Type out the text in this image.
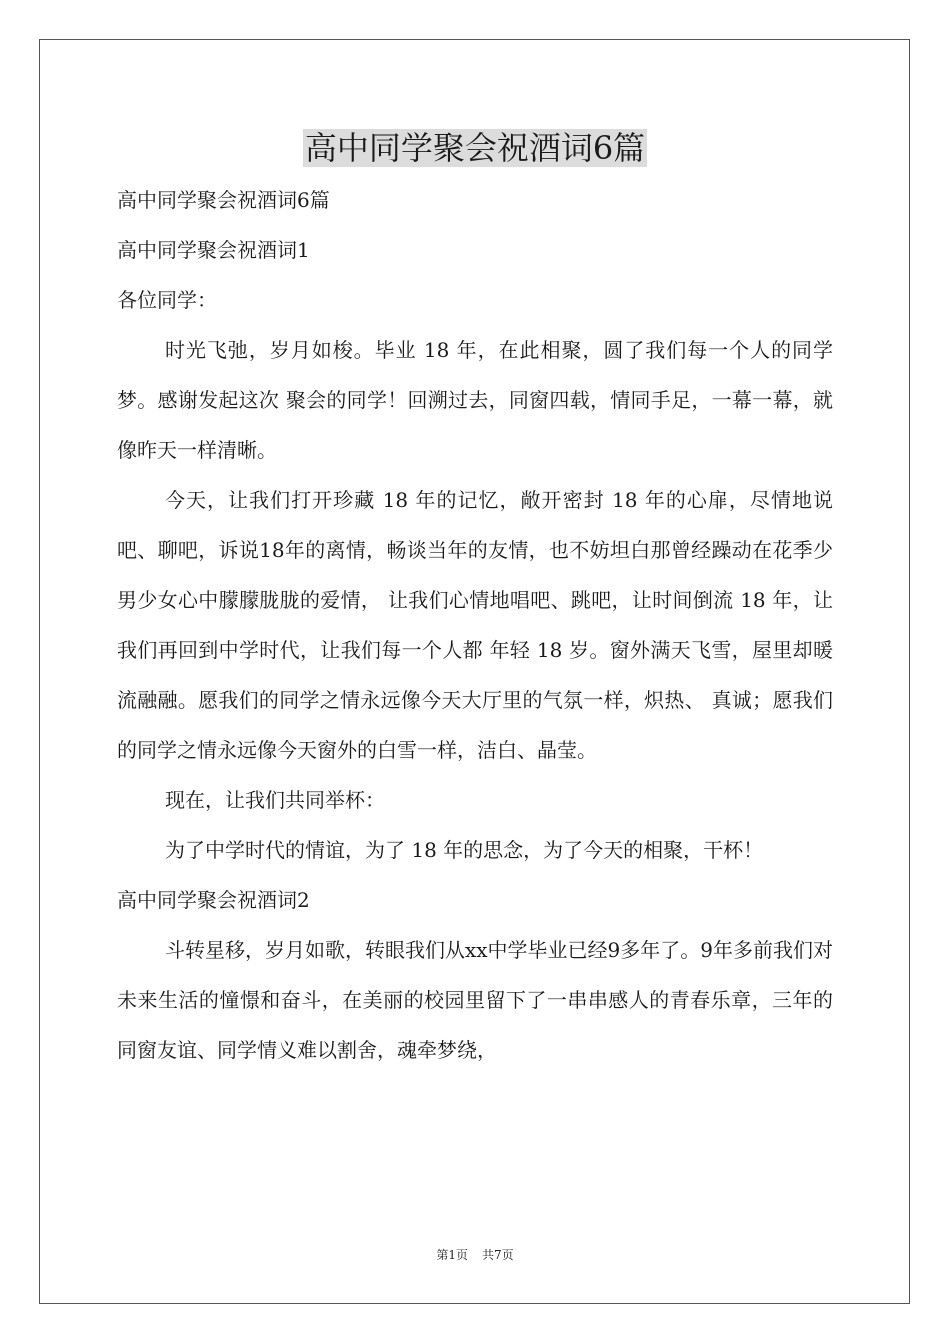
高中同学聚会祝酒词6篇

高中同学聚会祝酒词6篇

高中同学聚会祝酒词1

各位同学：

时光飞弛，岁月如梭。毕业 18 年，在此相聚，圆了我们每一个人的同学梦。感谢发起这次 聚会的同学！回溯过去，同窗四载，情同手足，一幕一幕，就像昨天一样清晰。

今天，让我们打开珍藏 18 年的记忆，敞开密封 18 年的心扉，尽情地说吧、聊吧，诉说18年的离情，畅谈当年的友情，也不妨坦白那曾经躁动在花季少男少女心中朦朦胧胧的爱情， 让我们心情地唱吧、跳吧，让时间倒流 18 年，让我们再回到中学时代，让我们每一个人都 年轻 18 岁。窗外满天飞雪，屋里却暖流融融。愿我们的同学之情永远像今天大厅里的气氛一样，炽热、 真诚；愿我们的同学之情永远像今天窗外的白雪一样，洁白、晶莹。

现在，让我们共同举杯：

为了中学时代的情谊，为了 18 年的思念，为了今天的相聚，干杯！

高中同学聚会祝酒词2

斗转星移，岁月如歌，转眼我们从xx中学毕业已经9多年了。9年多前我们对未来生活的憧憬和奋斗，在美丽的校园里留下了一串串感人的青春乐章，三年的同窗友谊、同学情义难以割舍，魂牵梦绕，

第1页 共7页
